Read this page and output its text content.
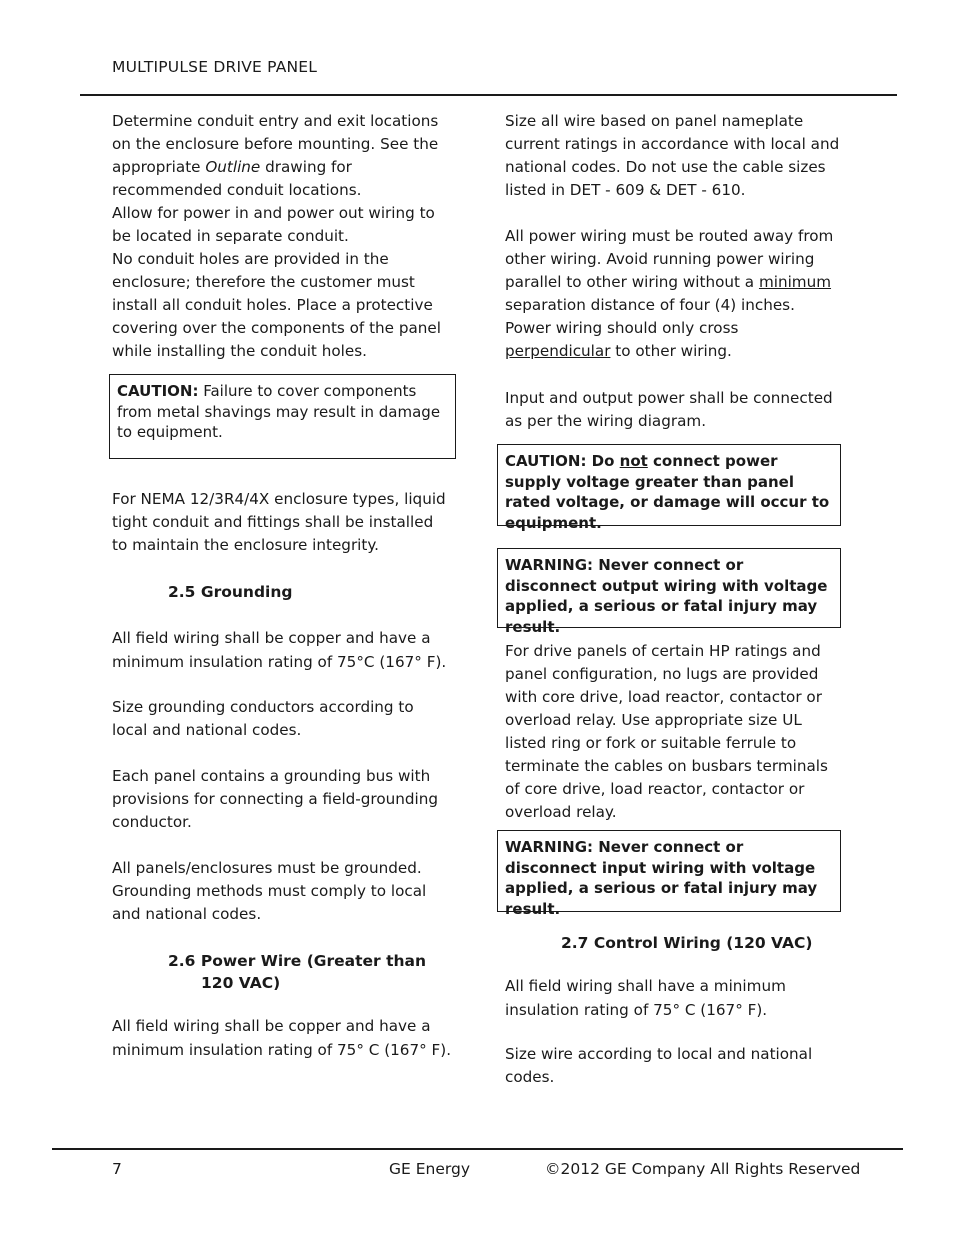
MULTIPULSE DRIVE PANEL

Determine conduit entry and exit locations on the enclosure before mounting. See the appropriate Outline drawing for recommended conduit locations.

Allow for power in and power out wiring to be located in separate conduit.

No conduit holes are provided in the enclosure; therefore the customer must install all conduit holes. Place a protective covering over the components of the panel while installing the conduit holes.

CAUTION: Failure to cover components from metal shavings may result in damage to equipment.

For NEMA 12/3R4/4X enclosure types, liquid tight conduit and fittings shall be installed to maintain the enclosure integrity.

2.5 Grounding

All field wiring shall be copper and have a minimum insulation rating of 75°C (167° F).

Size grounding conductors according to local and national codes.

Each panel contains a grounding bus with provisions for connecting a field-grounding conductor.

All panels/enclosures must be grounded. Grounding methods must comply to local and national codes.

2.6 Power Wire (Greater than
120 VAC)

All field wiring shall be copper and have a minimum insulation rating of 75° C (167° F).

Size all wire based on panel nameplate current ratings in accordance with local and national codes. Do not use the cable sizes listed in DET - 609 & DET - 610.

All power wiring must be routed away from other wiring. Avoid running power wiring parallel to other wiring without a minimum separation distance of four (4) inches. Power wiring should only cross perpendicular to other wiring.

Input and output power shall be connected as per the wiring diagram.

CAUTION: Do not connect power supply voltage greater than panel rated voltage, or damage will occur to equipment.
WARNING: Never connect or disconnect output wiring with voltage applied, a serious or fatal injury may result.

For drive panels of certain HP ratings and panel configuration, no lugs are provided with core drive, load reactor, contactor or overload relay. Use appropriate size UL listed ring or fork or suitable ferrule to terminate the cables on busbars terminals of core drive, load reactor, contactor or overload relay.

WARNING: Never connect or disconnect input wiring with voltage applied, a serious or fatal injury may result.
2.7 Control Wiring (120 VAC)

All field wiring shall have a minimum insulation rating of 75° C (167° F).

Size wire according to local and national codes.

7	GE Energy	©2012 GE Company All Rights Reserved
